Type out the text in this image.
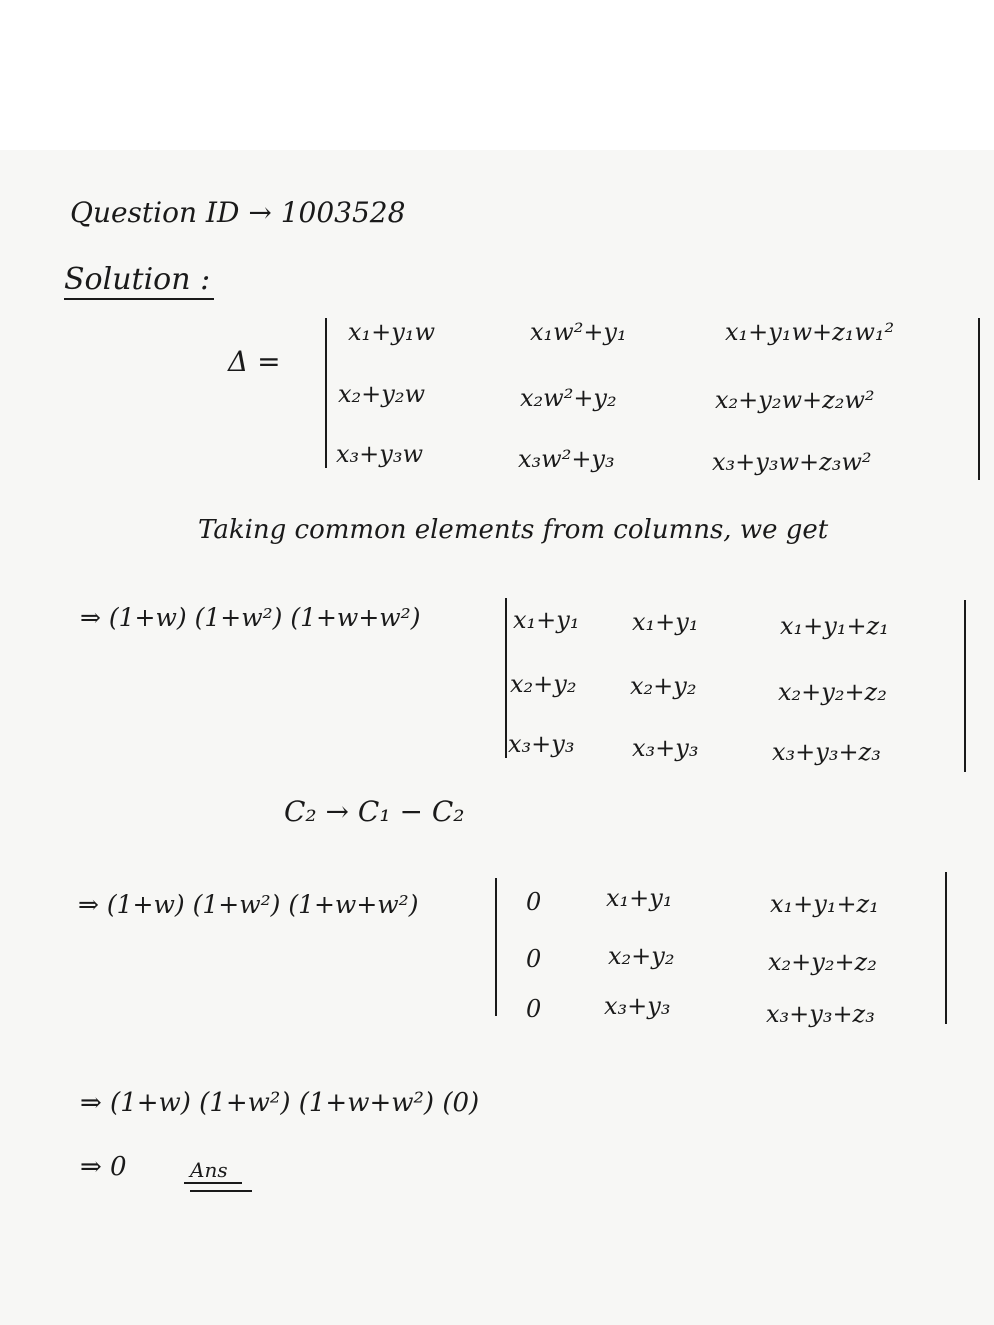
Question ID → 1003528
Solution :
Δ =
x₁+y₁w	x₁w²+y₁	x₁+y₁w+z₁w₁²
x₂+y₂w	x₂w²+y₂	x₂+y₂w+z₂w²
x₃+y₃w	x₃w²+y₃	x₃+y₃w+z₃w²
Taking common elements from columns, we get
⇒ (1+w) (1+w²) (1+w+w²)	x₁+y₁ x₁+y₁	x₁+y₁+z₁
x₂+y₂ x₂+y₂	x₂+y₂+z₂
x₃+y₃ x₃+y₃	x₃+y₃+z₃
C₂ → C₁ − C₂
⇒ (1+w) (1+w²) (1+w+w²)	0	x₁+y₁	x₁+y₁+z₁
0	x₂+y₂	x₂+y₂+z₂
0	x₃+y₃	x₃+y₃+z₃
⇒ (1+w) (1+w²) (1+w+w²) (0)
⇒ 0	Ans
